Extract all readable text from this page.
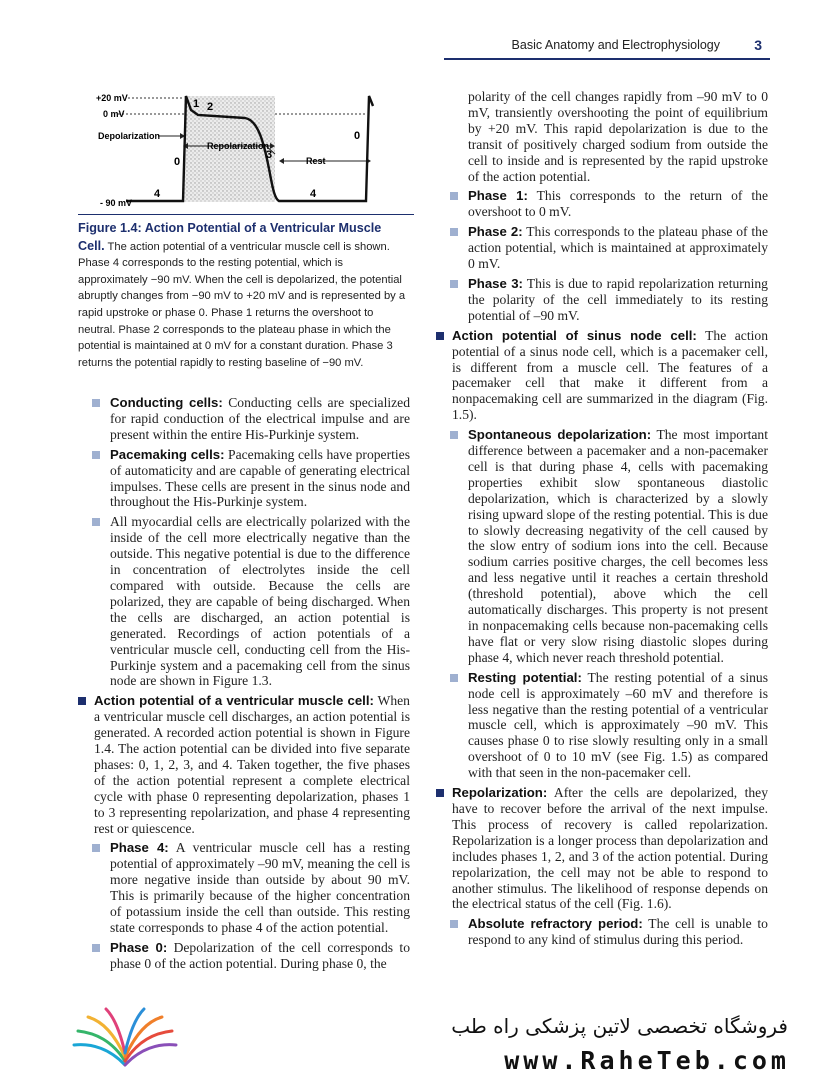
Basic Anatomy and Electrophysiology 3
+20 mV
0 mV
- 90 mV
Depolarization
Repolarization
Rest
1 2
3
0
0
4	4
Figure 1.4: Action Potential of a Ventricular Muscle Cell. The action potential of a ventricular muscle cell is shown. Phase 4 corresponds to the resting potential, which is approximately −90 mV. When the cell is depolarized, the potential abruptly changes from −90 mV to +20 mV and is represented by a rapid upstroke or phase 0. Phase 1 returns the overshoot to neutral. Phase 2 corresponds to the plateau phase in which the potential is maintained at 0 mV for a constant duration. Phase 3 returns the potential rapidly to resting baseline of −90 mV.
Conducting cells: Conducting cells are specialized for rapid conduction of the electrical impulse and are present within the entire His-Purkinje system.
Pacemaking cells: Pacemaking cells have properties of automaticity and are capable of generating electrical impulses. These cells are present in the sinus node and throughout the His-Purkinje system.
All myocardial cells are electrically polarized with the inside of the cell more electrically negative than the outside. This negative potential is due to the difference in concentration of electrolytes inside the cell compared with outside. Because the cells are polarized, they are capable of being discharged. When the cells are discharged, an action potential is generated. Recordings of action potentials of a ventricular muscle cell, conducting cell from the His-Purkinje system and a pacemaking cell from the sinus node are shown in Figure 1.3.
Action potential of a ventricular muscle cell: When a ventricular muscle cell discharges, an action potential is generated. A recorded action potential is shown in Figure 1.4. The action potential can be divided into five separate phases: 0, 1, 2, 3, and 4. Taken together, the five phases of the action potential represent a complete electrical cycle with phase 0 representing depolarization, phases 1 to 3 representing repolarization, and phase 4 representing rest or quiescence.
Phase 4: A ventricular muscle cell has a resting potential of approximately –90 mV, meaning the cell is more negative inside than outside by about 90 mV. This is primarily because of the higher concentration of potassium inside the cell than outside. This resting state corresponds to phase 4 of the action potential.
Phase 0: Depolarization of the cell corresponds to phase 0 of the action potential. During phase 0, the
polarity of the cell changes rapidly from –90 mV to 0 mV, transiently overshooting the point of equilibrium by +20 mV. This rapid depolarization is due to the transit of positively charged sodium from outside the cell to inside and is represented by the rapid upstroke of the action potential.
Phase 1: This corresponds to the return of the overshoot to 0 mV.
Phase 2: This corresponds to the plateau phase of the action potential, which is maintained at approximately 0 mV.
Phase 3: This is due to rapid repolarization returning the polarity of the cell immediately to its resting potential of –90 mV.
Action potential of sinus node cell: The action potential of a sinus node cell, which is a pacemaker cell, is different from a muscle cell. The features of a pacemaker cell that make it different from a nonpacemaking cell are summarized in the diagram (Fig. 1.5).
Spontaneous depolarization: The most important difference between a pacemaker and a non-pacemaker cell is that during phase 4, cells with pacemaking properties exhibit slow spontaneous diastolic depolarization, which is characterized by a slowly rising upward slope of the resting potential. This is due to slowly decreasing negativity of the cell caused by the slow entry of sodium ions into the cell. Because sodium carries positive charges, the cell becomes less and less negative until it reaches a certain threshold (threshold potential), above which the cell automatically discharges. This property is not present in nonpacemaking cells because non-pacemaking cells have flat or very slow rising diastolic slopes during phase 4, which never reach threshold potential.
Resting potential: The resting potential of a sinus node cell is approximately –60 mV and therefore is less negative than the resting potential of a ventricular muscle cell, which is approximately –90 mV. This causes phase 0 to rise slowly resulting only in a small overshoot of 0 to 10 mV (see Fig. 1.5) as compared with that seen in the non-pacemaker cell.
Repolarization: After the cells are depolarized, they have to recover before the arrival of the next impulse. This process of recovery is called repolarization. Repolarization is a longer process than depolarization and includes phases 1, 2, and 3 of the action potential. During repolarization, the cell may not be able to respond to another stimulus. The likelihood of response depends on the electrical status of the cell (Fig. 1.6).
Absolute refractory period: The cell is unable to respond to any kind of stimulus during this period.
فروشگاه تخصصی لاتین پزشکی راه طب
www.RaheTeb.com
